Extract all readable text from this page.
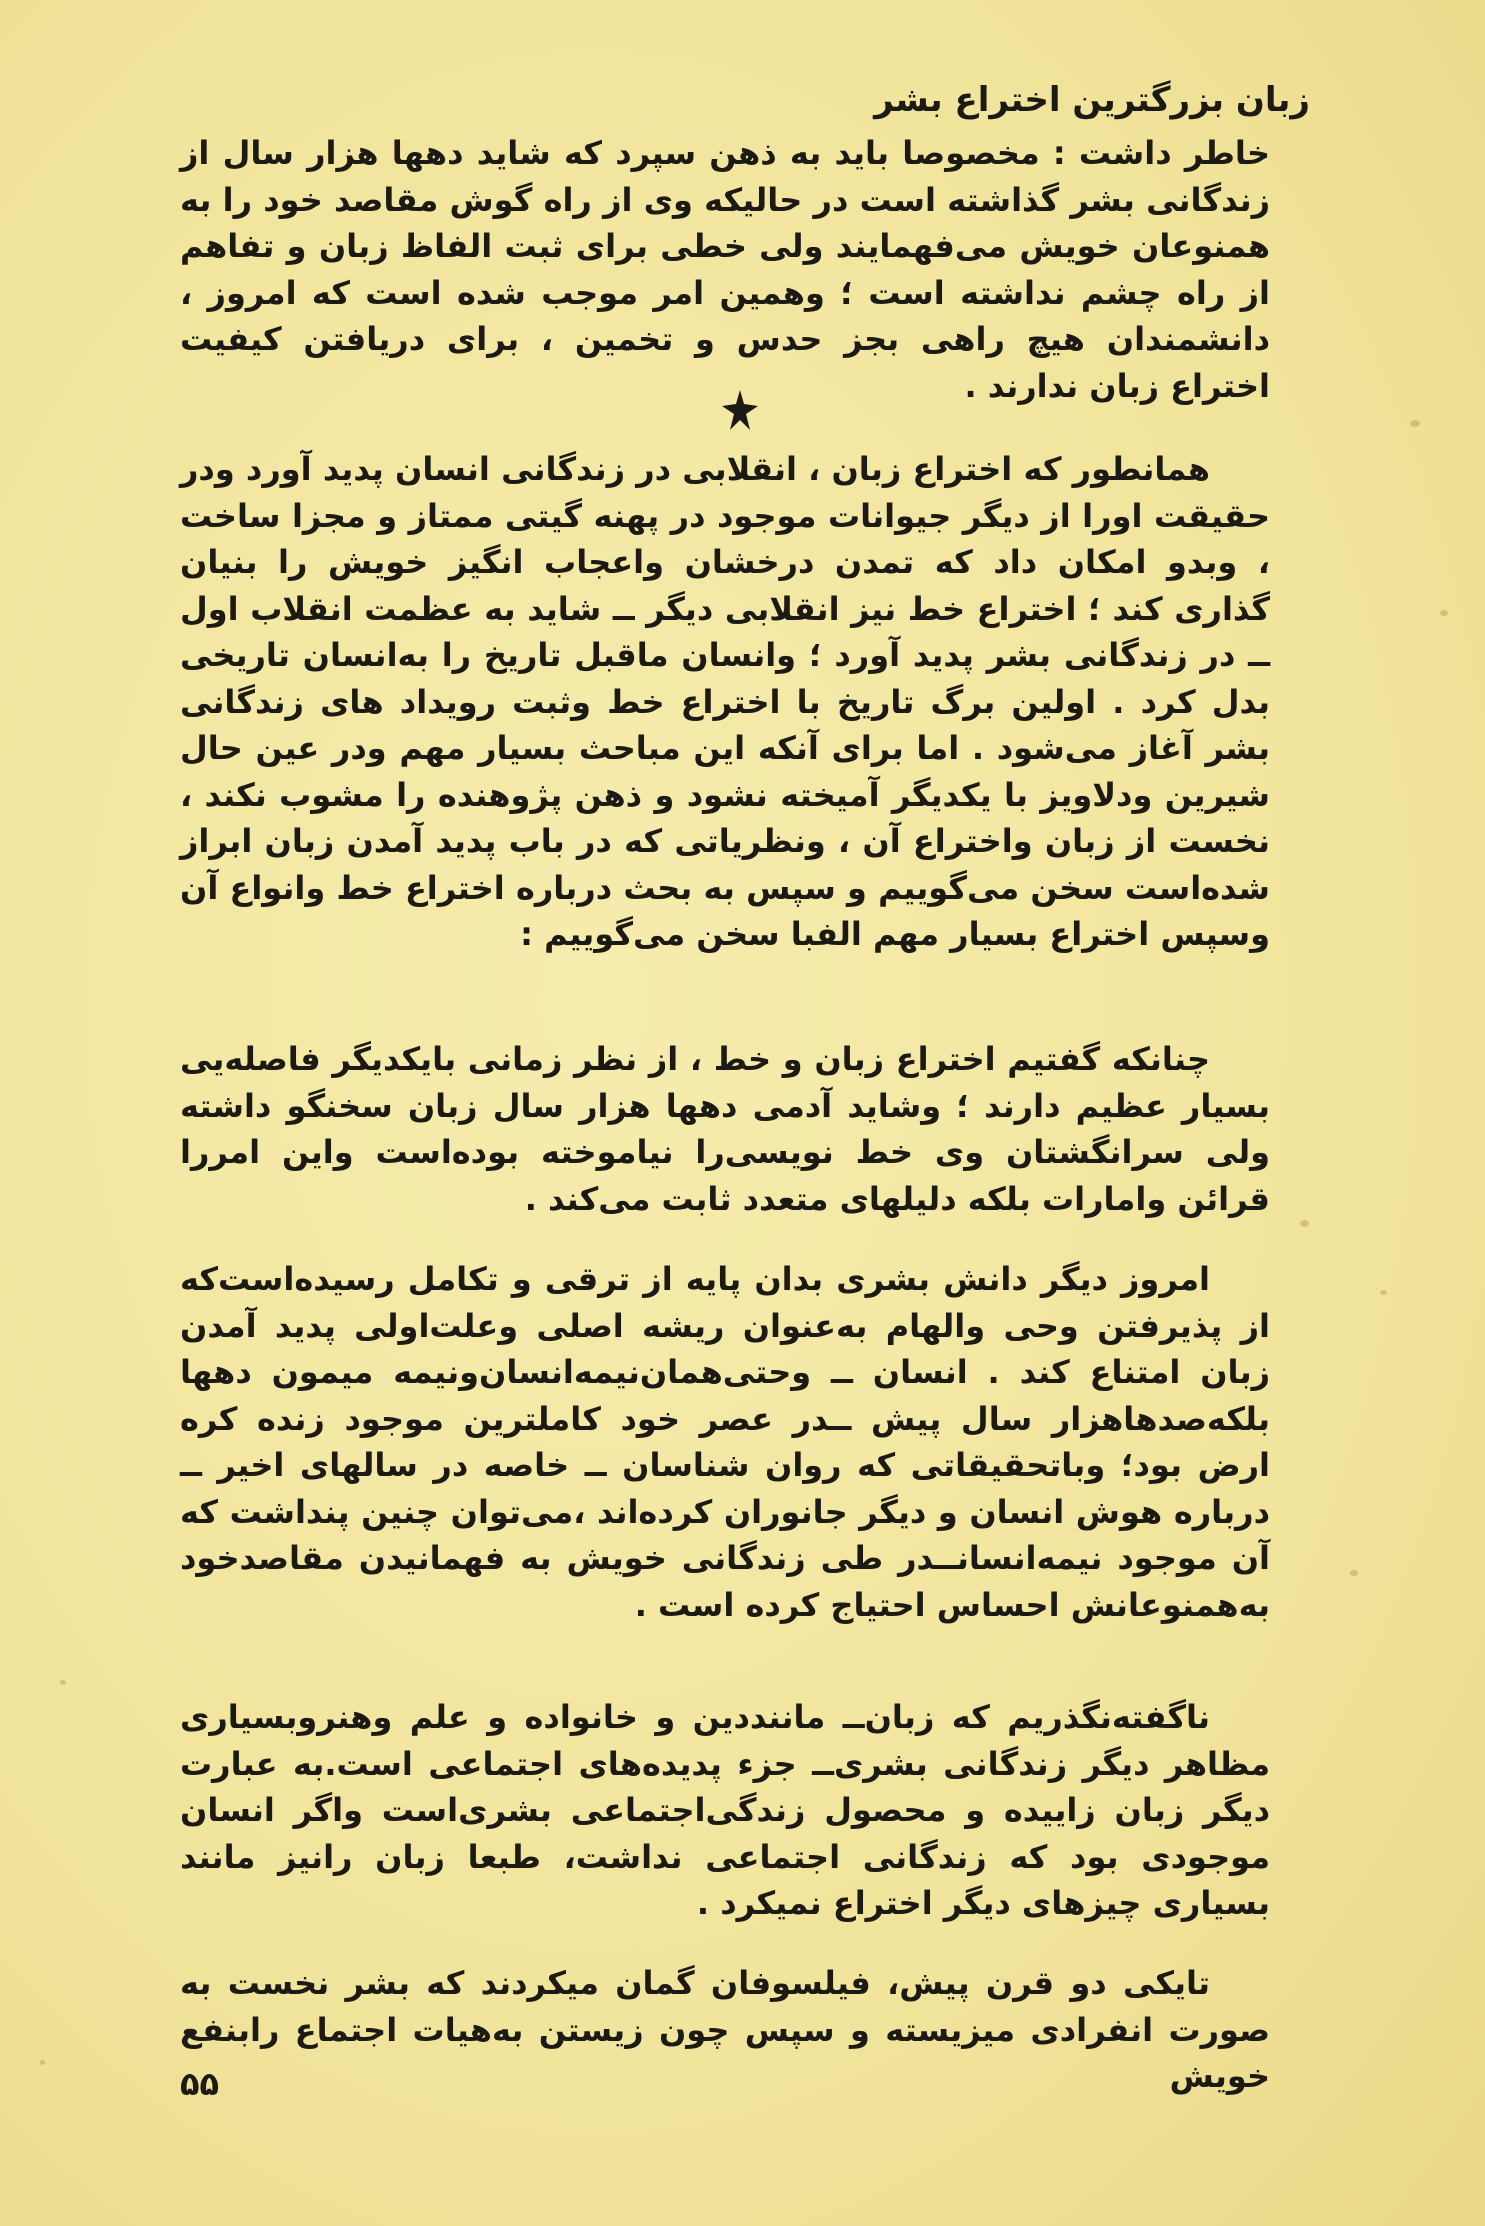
زبان بزرگترین اختراع بشر

خاطر داشت : مخصوصا باید به ذهن سپرد که شاید دهها هزار سال از زندگانی بشر گذاشته است در حالیکه وی از راه گوش مقاصد خود را به همنوعان خویش می‌فهمایند ولی خطی برای ثبت الفاظ زبان و تفاهم از راه چشم نداشته است ؛ وهمین امر موجب شده است که امروز ، دانشمندان هیچ راهی بجز حدس و تخمین ، برای دریافتن کیفیت اختراع زبان ندارند .

همانطور که اختراع زبان ، انقلابی در زندگانی انسان پدید آورد ودر حقیقت اورا از دیگر جیوانات موجود در پهنه گیتی ممتاز و مجزا ساخت ، وبدو امکان داد که تمدن درخشان واعجاب انگیز خویش را بنیان گذاری کند ؛ اختراع خط نیز انقلابی دیگر ــ شاید به عظمت انقلاب اول ــ در زندگانی بشر پدید آورد ؛ وانسان ماقبل تاریخ را به‌انسان تاریخی بدل کرد . اولین برگ تاریخ با اختراع خط وثبت رویداد های زندگانی بشر آغاز می‌شود . اما برای آنکه این مباحث بسیار مهم ودر عین حال شیرین ودلاویز با یکدیگر آمیخته نشود و ذهن پژوهنده را مشوب نکند ، نخست از زبان واختراع آن ، ونظریاتی که در باب پدید آمدن زبان ابراز شده‌است سخن می‌گوییم و سپس به بحث درباره اختراع خط وانواع آن وسپس اختراع بسیار مهم الفبا سخن می‌گوییم :

چنانکه گفتیم اختراع زبان و خط ، از نظر زمانی بایکدیگر فاصله‌یی بسیار عظیم دارند ؛ وشاید آدمی دهها هزار سال زبان سخنگو داشته ولی سرانگشتان وی خط نویسی‌را نیاموخته بوده‌است واین امررا قرائن وامارات بلکه دلیلهای متعدد ثابت می‌کند .

امروز دیگر دانش بشری بدان پایه از ترقی و تکامل رسیده‌است‌که از پذیرفتن وحی والهام به‌عنوان ریشه اصلی وعلت‌اولی پدید آمدن زبان امتناع کند . انسان ــ وحتی‌همان‌نیمه‌انسان‌ونیمه میمون دهها بلکه‌صدهاهزار سال پیش ــدر عصر خود کاملترین موجود زنده کره ارض بود؛ وباتحقیقاتی که روان شناسان ــ خاصه در سالهای اخیر ــ درباره هوش انسان و دیگر جانوران کرده‌اند ،می‌توان چنین پنداشت که آن موجود نیمه‌انسانــدر طی زندگانی خویش به فهمانیدن مقاصدخود به‌همنوعانش احساس احتیاج کرده است .

ناگفته‌نگذریم که زبان‌ــ مانند‌دین و خانواده و علم وهنروبسیاری مظاهر دیگر زندگانی بشری‌ــ جزء پدیده‌های اجتماعی است.به عبارت دیگر زبان زاییده و محصول زندگی‌اجتماعی بشری‌است واگر انسان موجودی بود که زندگانی اجتماعی نداشت، طبعا زبان رانیز مانند بسیاری چیزهای دیگر اختراع نمیکرد .

تایکی دو قرن پیش، فیلسوفان گمان میکردند که بشر نخست به صورت انفرادی میزیسته و سپس چون زیستن به‌هیات اجتماع رابنفع خویش

۵۵
